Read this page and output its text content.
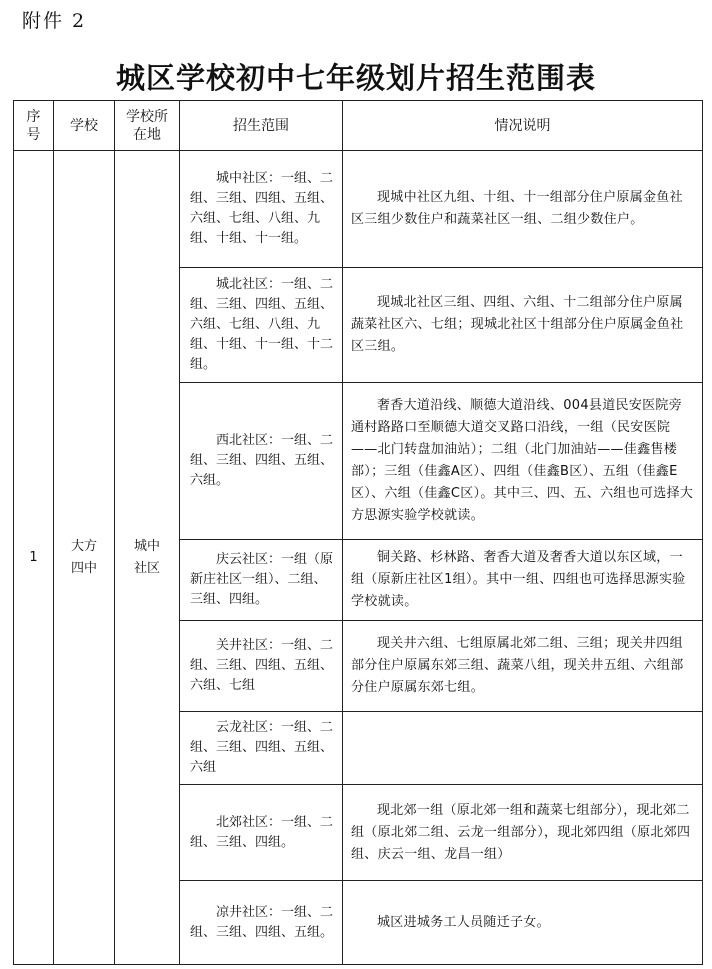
附件 2
城区学校初中七年级划片招生范围表
序号	学校	学校所在地	招生范围	情况说明
1	大方四中	城中社区	城中社区：一组、二组、三组、四组、五组、六组、七组、八组、九组、十组、十一组。	现城中社区九组、十组、十一组部分住户原属金鱼社区三组少数住户和蔬菜社区一组、二组少数住户。
			城北社区：一组、二组、三组、四组、五组、六组、七组、八组、九组、十组、十一组、十二组。	现城北社区三组、四组、六组、十二组部分住户原属蔬菜社区六、七组；现城北社区十组部分住户原属金鱼社区三组。
			西北社区：一组、二组、三组、四组、五组、六组。	奢香大道沿线、顺德大道沿线、004县道民安医院旁通村路路口至顺德大道交叉路口沿线，一组（民安医院——北门转盘加油站）；二组（北门加油站——佳鑫售楼部）；三组（佳鑫A区）、四组（佳鑫B区）、五组（佳鑫E区）、六组（佳鑫C区）。其中三、四、五、六组也可选择大方思源实验学校就读。
			庆云社区：一组（原新庄社区一组）、二组、三组、四组。	铜关路、杉林路、奢香大道及奢香大道以东区域，一组（原新庄社区1组）。其中一组、四组也可选择思源实验学校就读。
			关井社区：一组、二组、三组、四组、五组、六组、七组	现关井六组、七组原属北郊二组、三组；现关井四组部分住户原属东郊三组、蔬菜八组，现关井五组、六组部分住户原属东郊七组。
			云龙社区：一组、二组、三组、四组、五组、六组	
			北郊社区：一组、二组、三组、四组。	现北郊一组（原北郊一组和蔬菜七组部分），现北郊二组（原北郊二组、云龙一组部分），现北郊四组（原北郊四组、庆云一组、龙昌一组）
			凉井社区：一组、二组、三组、四组、五组。	城区进城务工人员随迁子女。
